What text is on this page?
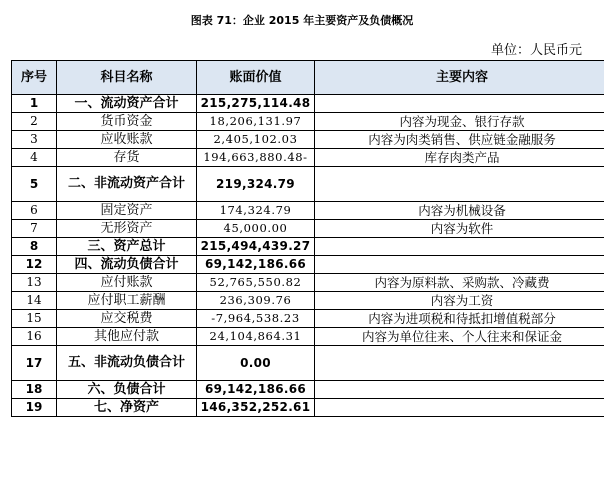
图表 71：企业 2015 年主要资产及负债概况
单位：人民币元
序号	科目名称	账面价值	主要内容
1	一、流动资产合计	215,275,114.48	
2	货币资金	18,206,131.97	内容为现金、银行存款
3	应收账款	2,405,102.03	内容为肉类销售、供应链金融服务
4	存货	194,663,880.48-	库存肉类产品
5	二、非流动资产合计	219,324.79	
6	固定资产	174,324.79	内容为机械设备
7	无形资产	45,000.00	内容为软件
8	三、资产总计	215,494,439.27	
12	四、流动负债合计	69,142,186.66	
13	应付账款	52,765,550.82	内容为原料款、采购款、冷藏费
14	应付职工薪酬	236,309.76	内容为工资
15	应交税费	-7,964,538.23	内容为进项税和待抵扣增值税部分
16	其他应付款	24,104,864.31	内容为单位往来、个人往来和保证金
17	五、非流动负债合计	0.00	
18	六、负债合计	69,142,186.66	
19	七、净资产	146,352,252.61	
